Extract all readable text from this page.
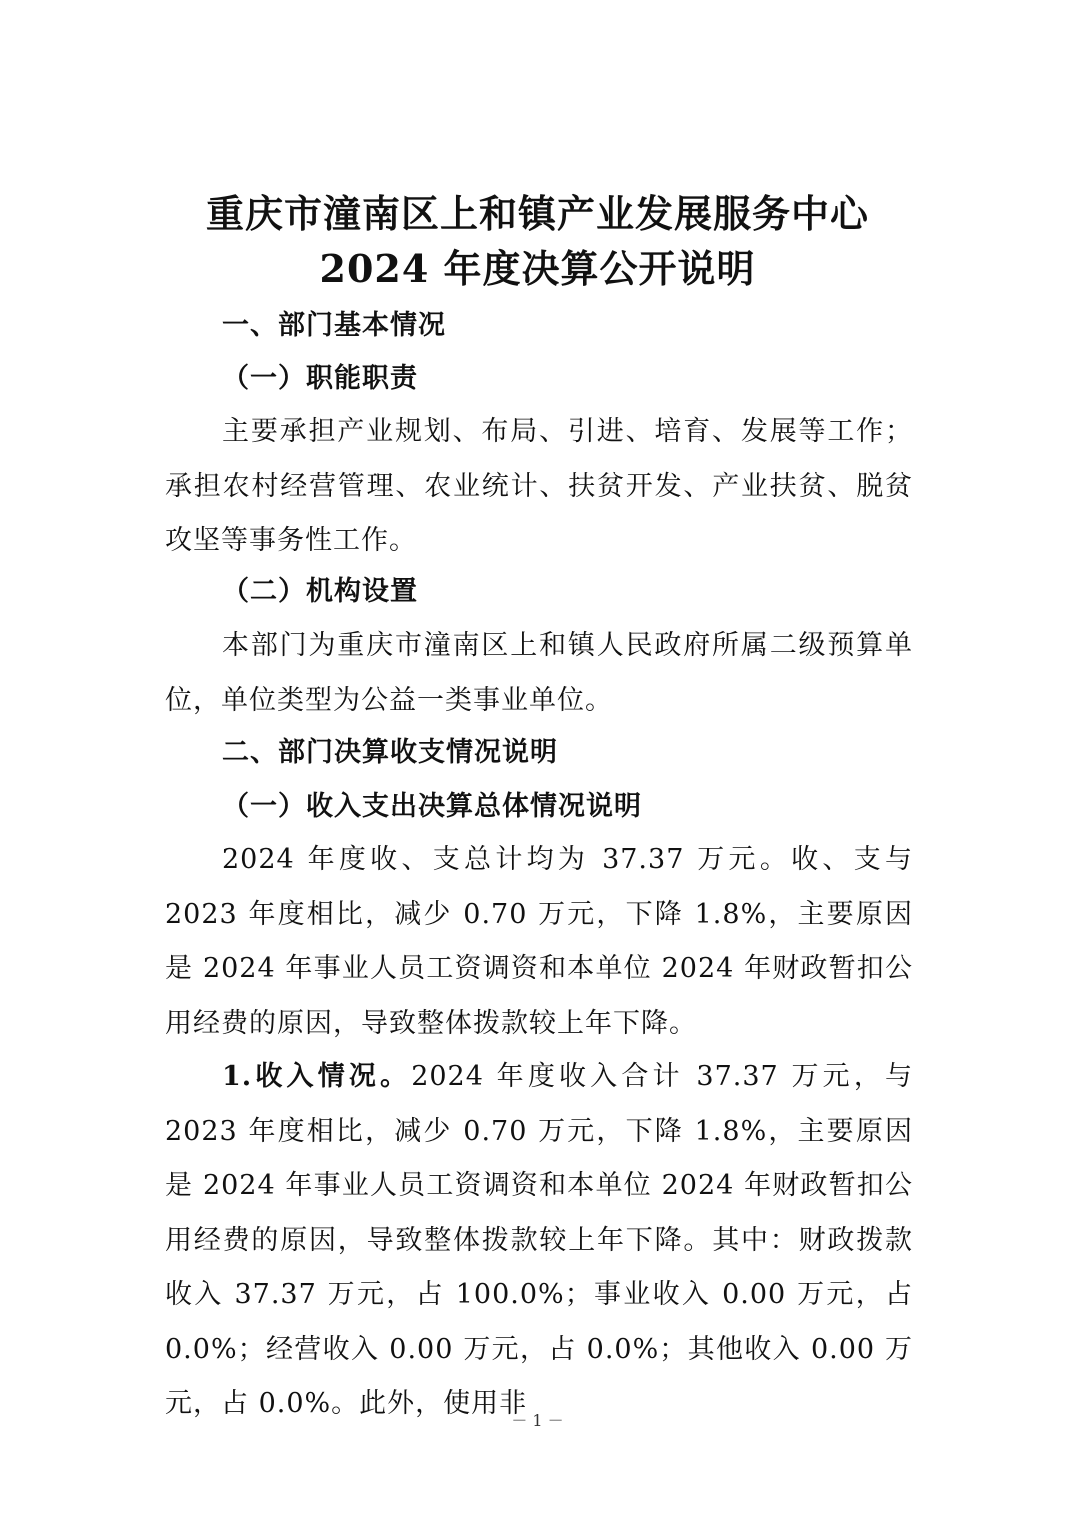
重庆市潼南区上和镇产业发展服务中心
2024 年度决算公开说明
一、部门基本情况
（一）职能职责
主要承担产业规划、布局、引进、培育、发展等工作；承担农村经营管理、农业统计、扶贫开发、产业扶贫、脱贫攻坚等事务性工作。
（二）机构设置
本部门为重庆市潼南区上和镇人民政府所属二级预算单位，单位类型为公益一类事业单位。
二、部门决算收支情况说明
（一）收入支出决算总体情况说明
2024 年度收、支总计均为 37.37 万元。收、支与 2023 年度相比，减少 0.70 万元，下降 1.8%，主要原因是 2024 年事业人员工资调资和本单位 2024 年财政暂扣公用经费的原因，导致整体拨款较上年下降。
1.收入情况。2024 年度收入合计 37.37 万元，与 2023 年度相比，减少 0.70 万元，下降 1.8%，主要原因是 2024 年事业人员工资调资和本单位 2024 年财政暂扣公用经费的原因，导致整体拨款较上年下降。其中：财政拨款收入 37.37 万元，占 100.0%；事业收入 0.00 万元，占 0.0%；经营收入 0.00 万元，占 0.0%；其他收入 0.00 万元，占 0.0%。此外，使用非
－ 1 －
